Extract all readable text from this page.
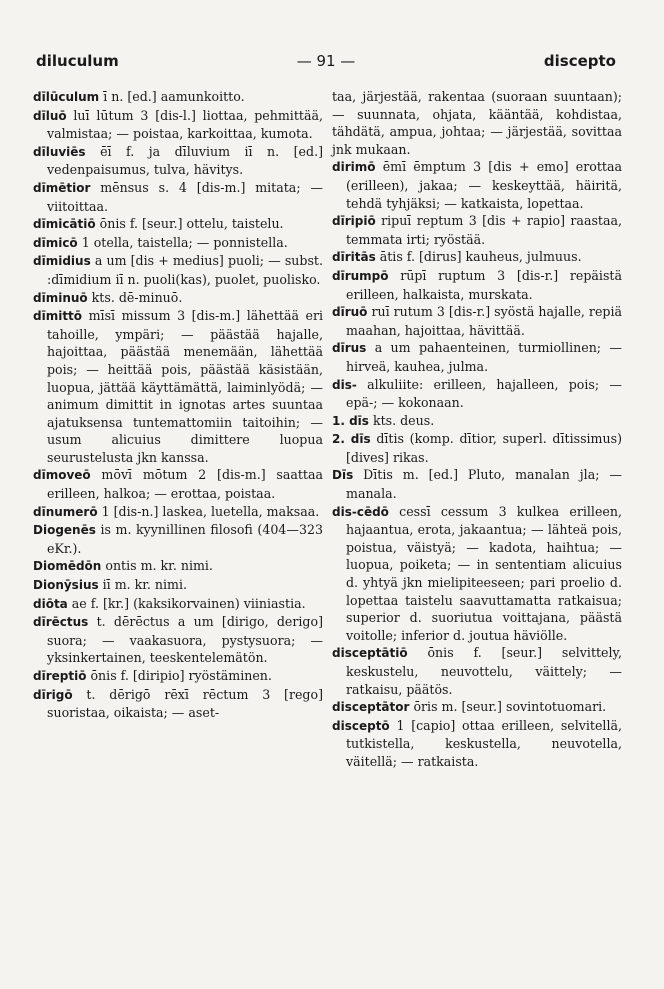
diluculum	— 91 —	discepto

dīlūculum ī n. [ed.] aamunkoitto.

dīluō luī lūtum 3 [dis-l.] liottaa, pehmittää, valmistaa; — poistaa, karkoittaa, kumota.

dīluviēs ēī f. ja dīluvium iī n. [ed.] vedenpaisumus, tulva, hävitys.

dīmētior mēnsus s. 4 [dis-m.] mitata; — viitoittaa.

dīmicātiō ōnis f. [seur.] ottelu, taistelu.

dīmicō 1 otella, taistella; — ponnistella.

dīmidius a um [dis + medius] puoli; — subst. :dīmidium iī n. puoli(kas), puolet, puolisko.

dīminuō kts. dē-minuō.

dīmittō mīsī missum 3 [dis-m.] lähettää eri tahoille, ympäri; — päästää hajalle, hajoittaa, päästää menemään, lähettää pois; — heittää pois, päästää käsistään, luopua, jättää käyttämättä, laiminlyödä; — animum dimittit in ignotas artes suuntaa ajatuksensa tuntemattomiin taitoihin; — usum alicuius dimittere luopua seurustelusta jkn kanssa.

dīmoveō mōvī mōtum 2 [dis-m.] saattaa erilleen, halkoa; — erottaa, poistaa.

dīnumerō 1 [dis-n.] laskea, luetella, maksaa.

Diogenēs is m. kyynillinen filosofi (404—323 eKr.).

Diomēdōn ontis m. kr. nimi.

Dionȳsius iī m. kr. nimi.

diōta ae f. [kr.] (kaksikorvainen) viiniastia.

dīrēctus t. dērēctus a um [dirigo, derigo] suora; — vaakasuora, pystysuora; — yksinkertainen, teeskentelemätön.

dīreptiō ōnis f. [diripio] ryöstäminen.

dīrigō t. dērigō rēxī rēctum 3 [rego] suoristaa, oikaista; — aset-

taa, järjestää, rakentaa (suoraan suuntaan); — suunnata, ohjata, kääntää, kohdistaa, tähdätä, ampua, johtaa; — järjestää, sovittaa jnk mukaan.

dirimō ēmī ēmptum 3 [dis + emo] erottaa (erilleen), jakaa; — keskeyttää, häiritä, tehdä tyhjäksi; — katkaista, lopettaa.

dīripiō ripuī reptum 3 [dis + rapio] raastaa, temmata irti; ryöstää.

dīritās ātis f. [dirus] kauheus, julmuus.

dīrumpō rūpī ruptum 3 [dis-r.] repäistä erilleen, halkaista, murskata.

dīruō ruī rutum 3 [dis-r.] syöstä hajalle, repiä maahan, hajoittaa, hävittää.

dīrus a um pahaenteinen, turmiollinen; — hirveä, kauhea, julma.

dis- alkuliite: erilleen, hajalleen, pois; — epä-; — kokonaan.

1. dīs kts. deus.

2. dīs dītis (komp. dītior, superl. dītissimus) [dives] rikas.

Dīs Dītis m. [ed.] Pluto, manalan jla; — manala.

dis-cēdō cessī cessum 3 kulkea erilleen, hajaantua, erota, jakaantua; — lähteä pois, poistua, väistyä; — kadota, haihtua; — luopua, poiketa; — in sententiam alicuius d. yhtyä jkn mielipiteeseen; pari proelio d. lopettaa taistelu saavuttamatta ratkaisua; superior d. suoriutua voittajana, päästä voitolle; inferior d. joutua häviölle.

disceptātiō ōnis f. [seur.] selvittely, keskustelu, neuvottelu, väittely; — ratkaisu, päätös.

disceptātor ōris m. [seur.] sovintotuomari.

disceptō 1 [capio] ottaa erilleen, selvitellä, tutkistella, keskustella, neuvotella, väitellä; — ratkaista.
